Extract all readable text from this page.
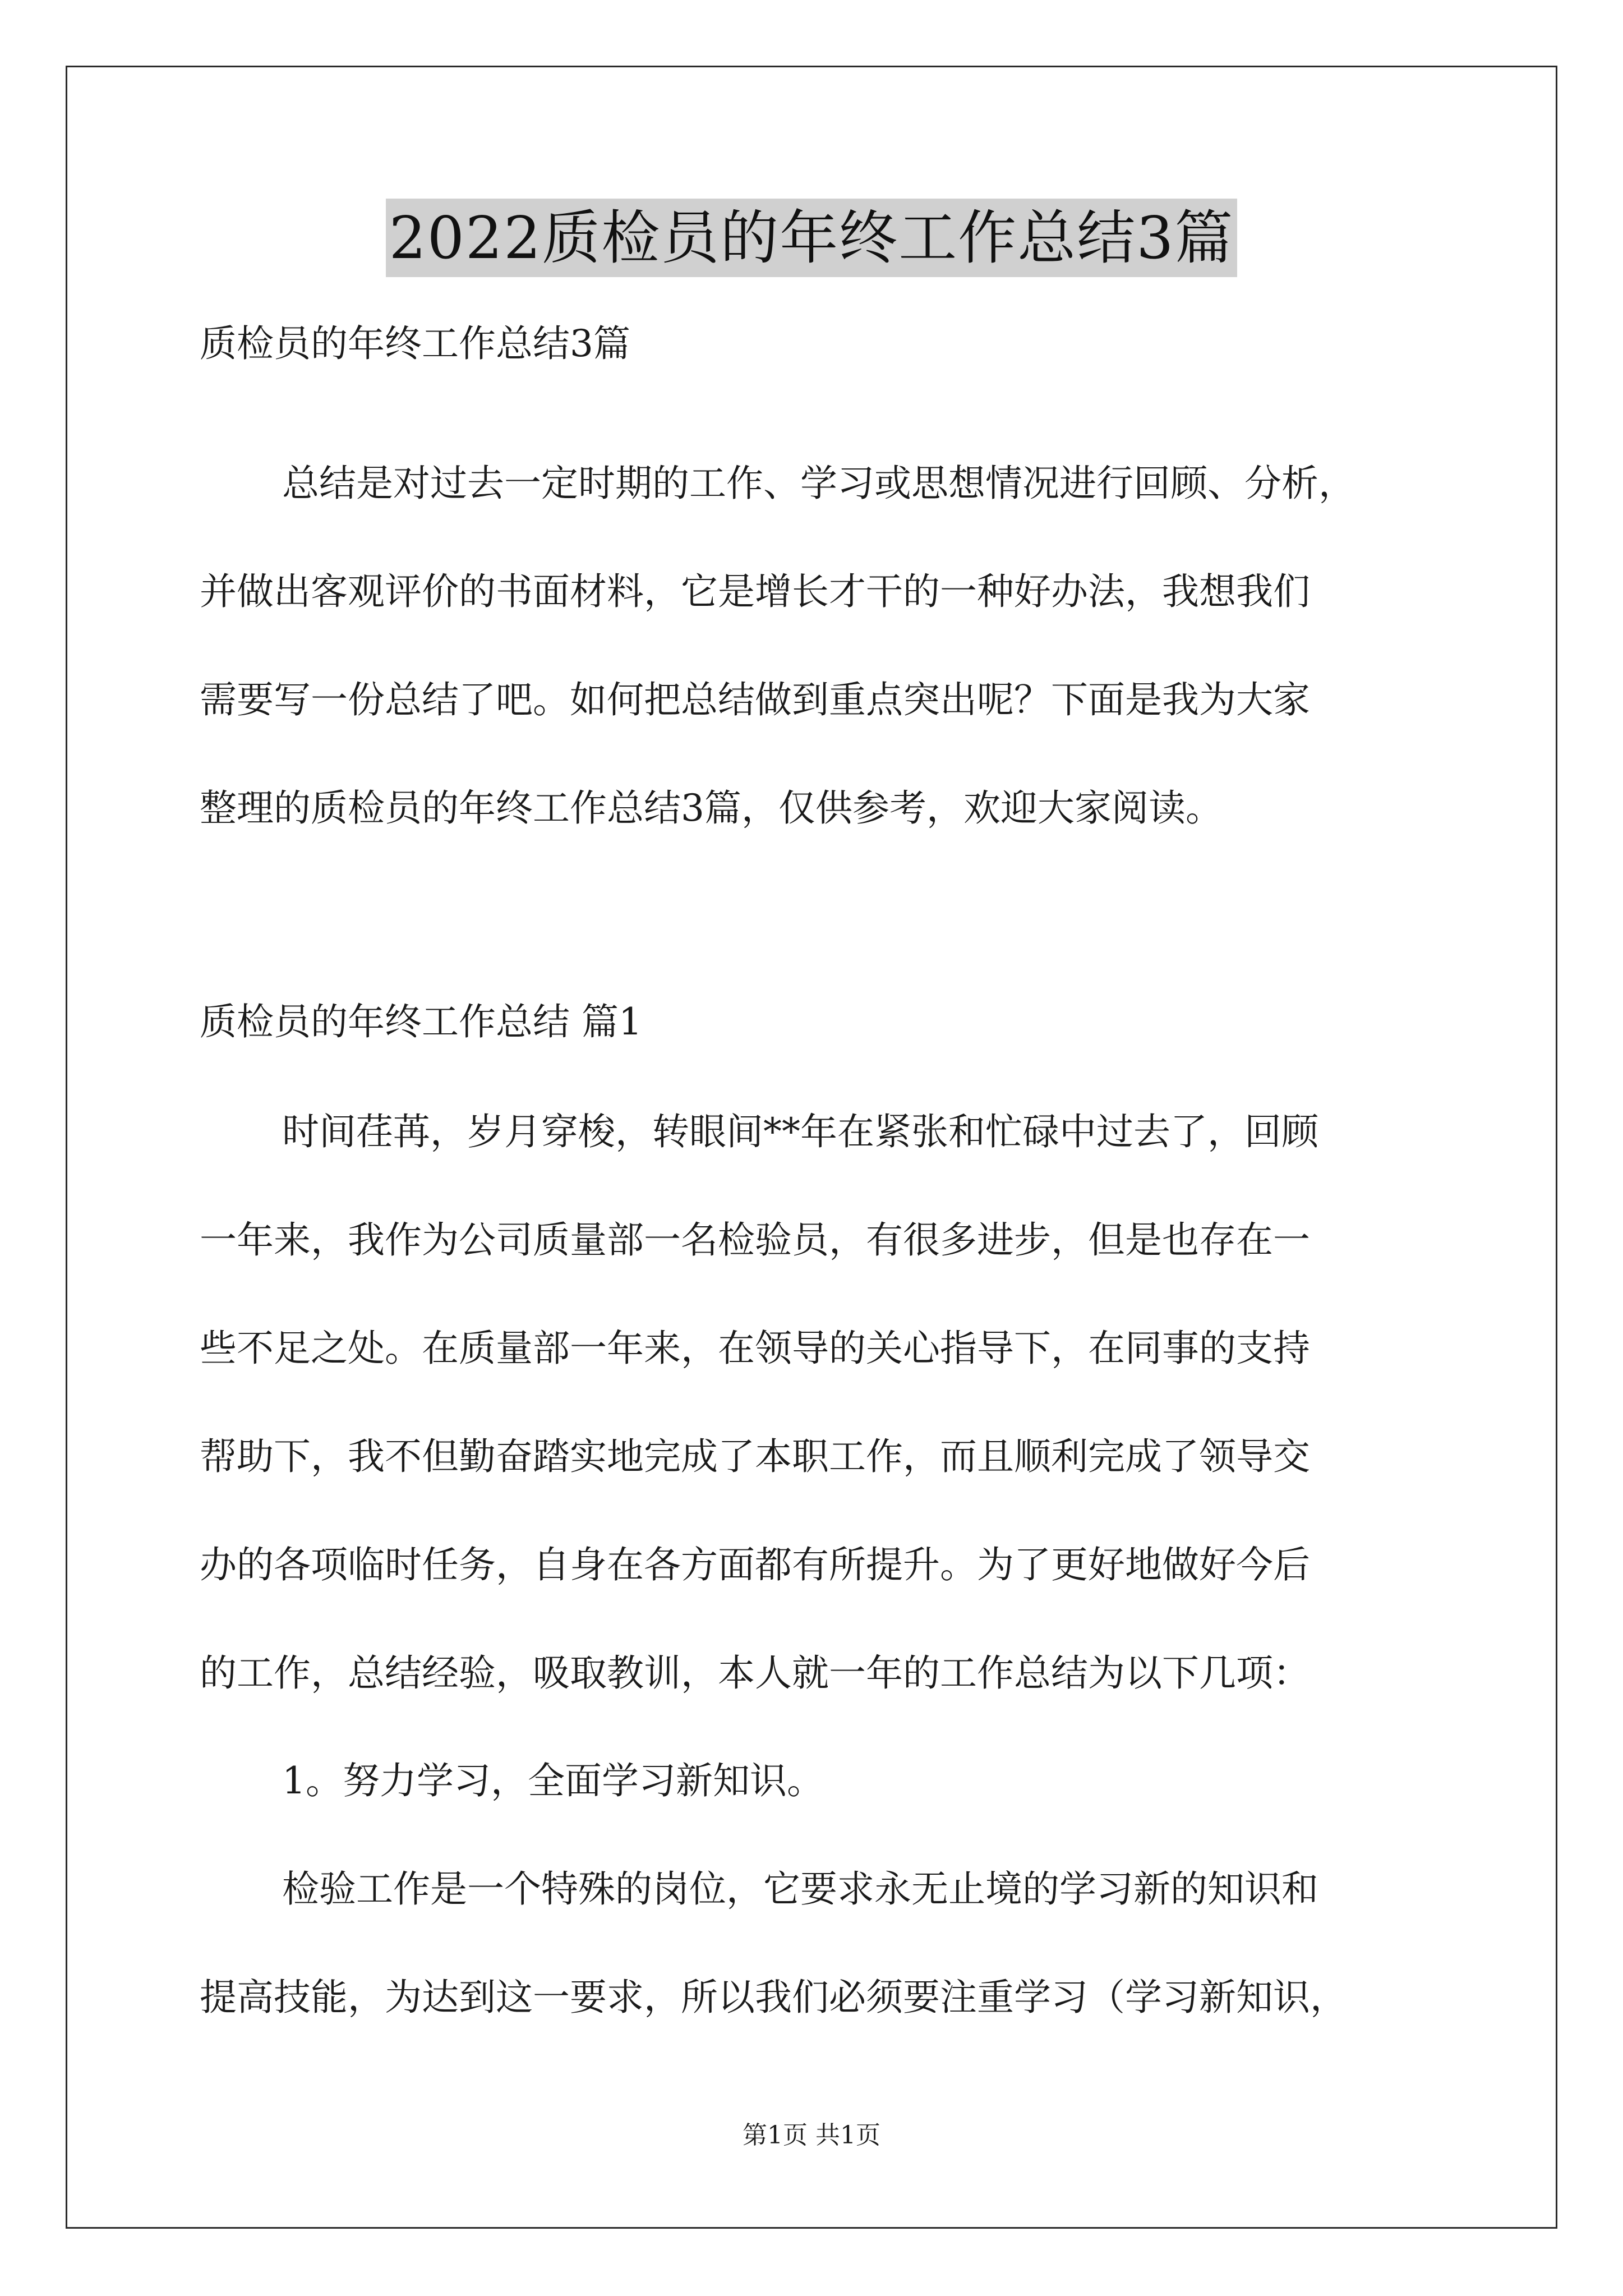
2022质检员的年终工作总结3篇
质检员的年终工作总结3篇
总结是对过去一定时期的工作、学习或思想情况进行回顾、分析，
并做出客观评价的书面材料，它是增长才干的一种好办法，我想我们
需要写一份总结了吧。如何把总结做到重点突出呢？下面是我为大家
整理的质检员的年终工作总结3篇，仅供参考，欢迎大家阅读。
质检员的年终工作总结 篇1
时间荏苒，岁月穿梭，转眼间**年在紧张和忙碌中过去了，回顾
一年来，我作为公司质量部一名检验员，有很多进步，但是也存在一
些不足之处。在质量部一年来，在领导的关心指导下，在同事的支持
帮助下，我不但勤奋踏实地完成了本职工作，而且顺利完成了领导交
办的各项临时任务，自身在各方面都有所提升。为了更好地做好今后
的工作，总结经验，吸取教训，本人就一年的工作总结为以下几项：
1。努力学习，全面学习新知识。
检验工作是一个特殊的岗位，它要求永无止境的学习新的知识和
提高技能，为达到这一要求，所以我们必须要注重学习（学习新知识，
第1页 共1页
